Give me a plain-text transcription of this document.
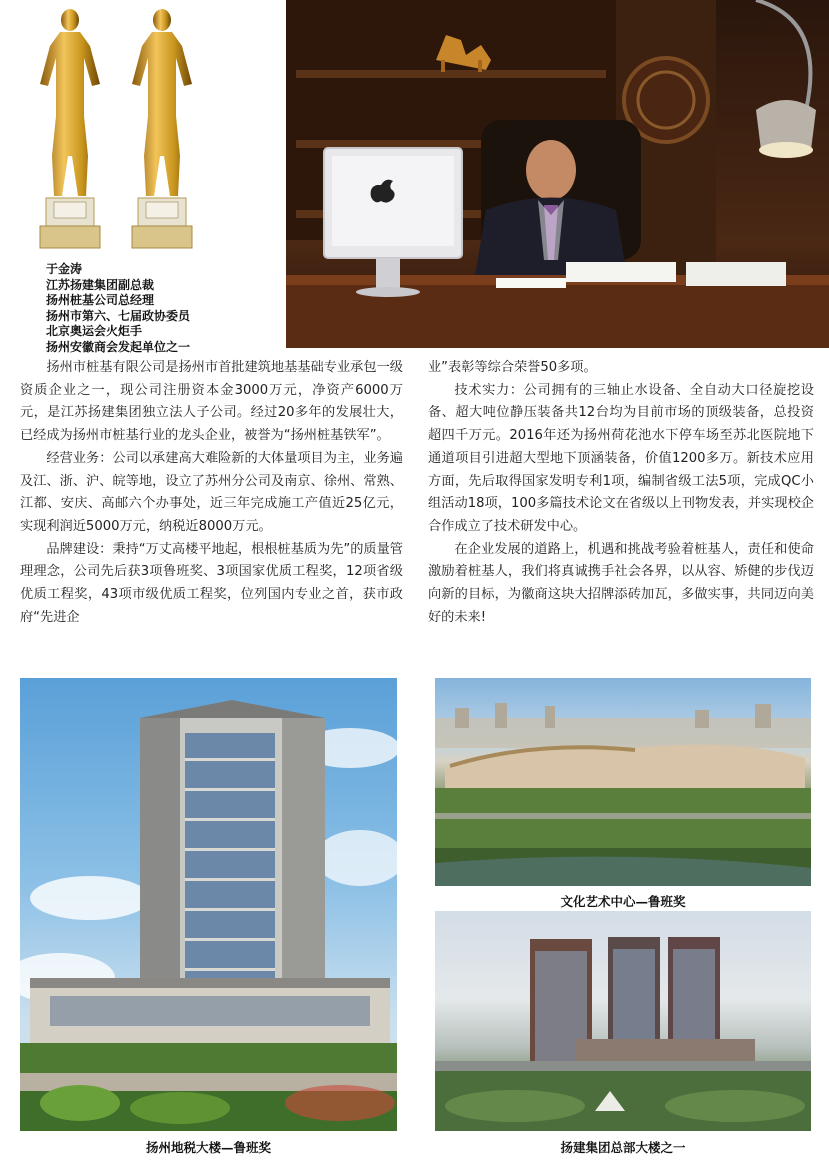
于金涛
江苏扬建集团副总裁
扬州桩基公司总经理
扬州市第六、七届政协委员
北京奥运会火炬手
扬州安徽商会发起单位之一

扬州市桩基有限公司是扬州市首批建筑地基基础专业承包一级资质企业之一，现公司注册资本金3000万元，净资产6000万元，是江苏扬建集团独立法人子公司。经过20多年的发展壮大，已经成为扬州市桩基行业的龙头企业，被誉为“扬州桩基铁军”。

经营业务：公司以承建高大难险新的大体量项目为主，业务遍及江、浙、沪、皖等地，设立了苏州分公司及南京、徐州、常熟、江都、安庆、高邮六个办事处，近三年完成施工产值近25亿元，实现利润近5000万元，纳税近8000万元。

品牌建设：秉持“万丈高楼平地起，根根桩基质为先”的质量管理理念，公司先后获3项鲁班奖、3项国家优质工程奖，12项省级优质工程奖，43项市级优质工程奖，位列国内专业之首，获市政府“先进企

业”表彰等综合荣誉50多项。

技术实力：公司拥有的三轴止水设备、全自动大口径旋挖设备、超大吨位静压装备共12台均为目前市场的顶级装备，总投资超四千万元。2016年还为扬州荷花池水下停车场至苏北医院地下通道项目引进超大型地下顶涵装备，价值1200多万。新技术应用方面，先后取得国家发明专利1项，编制省级工法5项，完成QC小组活动18项，100多篇技术论文在省级以上刊物发表，并实现校企合作成立了技术研发中心。

在企业发展的道路上，机遇和挑战考验着桩基人，责任和使命激励着桩基人，我们将真诚携手社会各界，以从容、矫健的步伐迈向新的目标，为徽商这块大招牌添砖加瓦，多做实事，共同迈向美好的未来!

扬州地税大楼—鲁班奖
文化艺术中心—鲁班奖
扬建集团总部大楼之一
